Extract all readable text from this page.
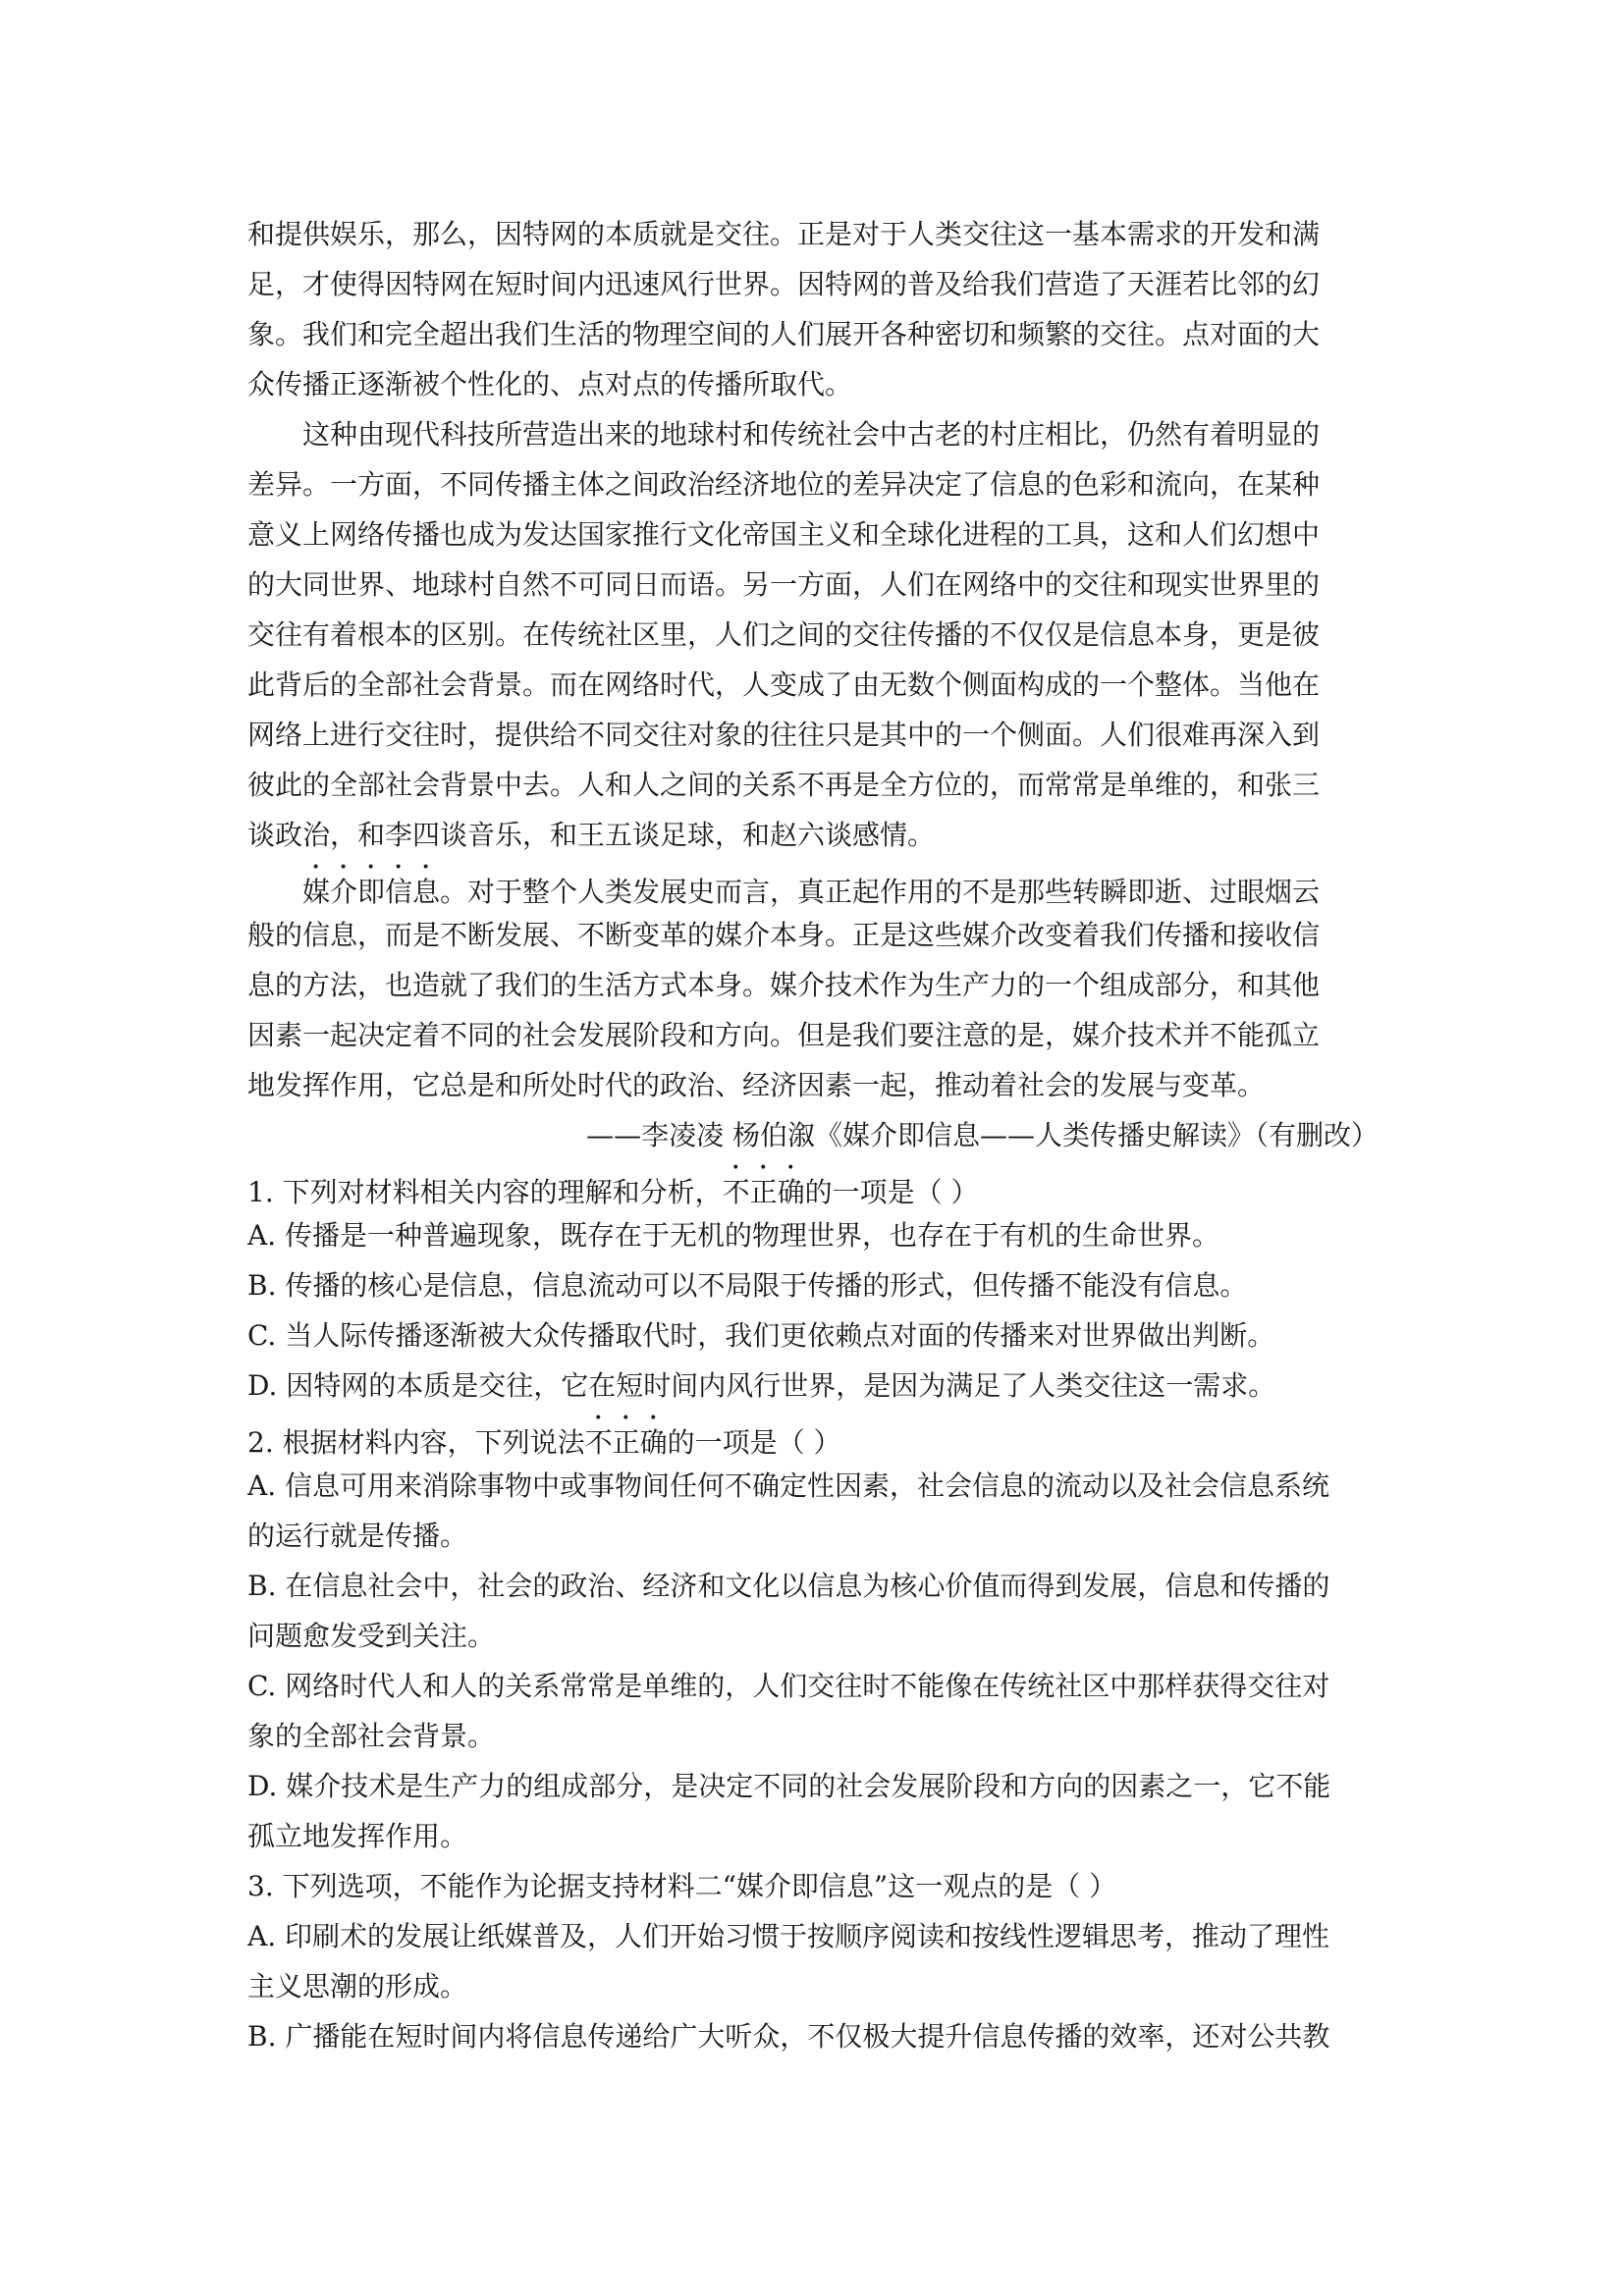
和提供娱乐，那么，因特网的本质就是交往。正是对于人类交往这一基本需求的开发和满
足，才使得因特网在短时间内迅速风行世界。因特网的普及给我们营造了天涯若比邻的幻
象。我们和完全超出我们生活的物理空间的人们展开各种密切和频繁的交往。点对面的大
众传播正逐渐被个性化的、点对点的传播所取代。
这种由现代科技所营造出来的地球村和传统社会中古老的村庄相比，仍然有着明显的
差异。一方面，不同传播主体之间政治经济地位的差异决定了信息的色彩和流向，在某种
意义上网络传播也成为发达国家推行文化帝国主义和全球化进程的工具，这和人们幻想中
的大同世界、地球村自然不可同日而语。另一方面，人们在网络中的交往和现实世界里的
交往有着根本的区别。在传统社区里，人们之间的交往传播的不仅仅是信息本身，更是彼
此背后的全部社会背景。而在网络时代，人变成了由无数个侧面构成的一个整体。当他在
网络上进行交往时，提供给不同交往对象的往往只是其中的一个侧面。人们很难再深入到
彼此的全部社会背景中去。人和人之间的关系不再是全方位的，而常常是单维的，和张三
谈政治，和李四谈音乐，和王五谈足球，和赵六谈感情。
媒介即信息。对于整个人类发展史而言，真正起作用的不是那些转瞬即逝、过眼烟云
般的信息，而是不断发展、不断变革的媒介本身。正是这些媒介改变着我们传播和接收信
息的方法，也造就了我们的生活方式本身。媒介技术作为生产力的一个组成部分，和其他
因素一起决定着不同的社会发展阶段和方向。但是我们要注意的是，媒介技术并不能孤立
地发挥作用，它总是和所处时代的政治、经济因素一起，推动着社会的发展与变革。
——李凌凌 杨伯溆《媒介即信息——人类传播史解读》（有删改）
1. 下列对材料相关内容的理解和分析，不正确的一项是（ ）
A. 传播是一种普遍现象，既存在于无机的物理世界，也存在于有机的生命世界。
B. 传播的核心是信息，信息流动可以不局限于传播的形式，但传播不能没有信息。
C. 当人际传播逐渐被大众传播取代时，我们更依赖点对面的传播来对世界做出判断。
D. 因特网的本质是交往，它在短时间内风行世界，是因为满足了人类交往这一需求。
2. 根据材料内容，下列说法不正确的一项是（ ）
A. 信息可用来消除事物中或事物间任何不确定性因素，社会信息的流动以及社会信息系统
的运行就是传播。
B. 在信息社会中，社会的政治、经济和文化以信息为核心价值而得到发展，信息和传播的
问题愈发受到关注。
C. 网络时代人和人的关系常常是单维的，人们交往时不能像在传统社区中那样获得交往对
象的全部社会背景。
D. 媒介技术是生产力的组成部分，是决定不同的社会发展阶段和方向的因素之一，它不能
孤立地发挥作用。
3. 下列选项，不能作为论据支持材料二“媒介即信息”这一观点的是（ ）
A. 印刷术的发展让纸媒普及，人们开始习惯于按顺序阅读和按线性逻辑思考，推动了理性
主义思潮的形成。
B. 广播能在短时间内将信息传递给广大听众，不仅极大提升信息传播的效率，还对公共教
